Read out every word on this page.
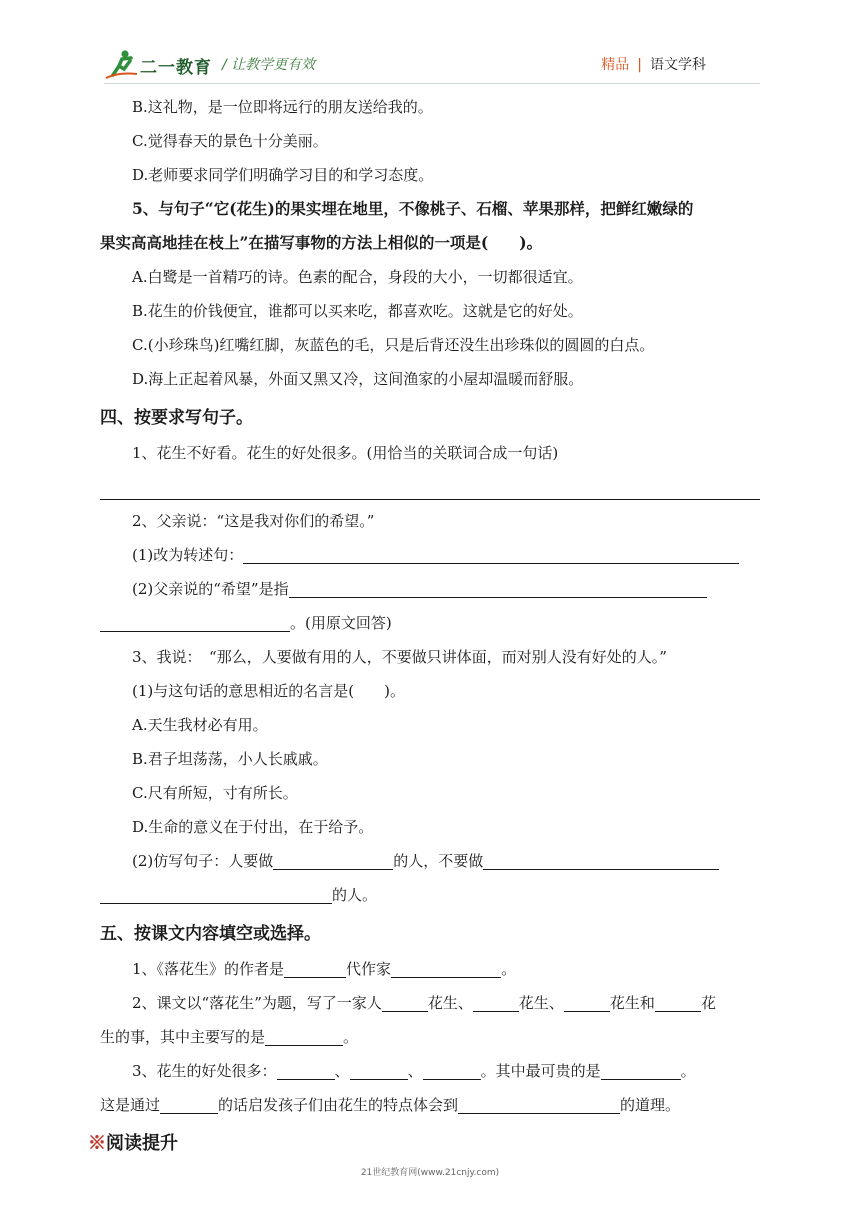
二一教育 / 让教学更有效	精品 | 语文学科
B.这礼物，是一位即将远行的朋友送给我的。
C.觉得春天的景色十分美丽。
D.老师要求同学们明确学习目的和学习态度。
5、与句子“它(花生)的果实埋在地里，不像桃子、石榴、苹果那样，把鲜红嫩绿的
果实高高地挂在枝上”在描写事物的方法上相似的一项是(　　)。
A.白鹭是一首精巧的诗。色素的配合，身段的大小，一切都很适宜。
B.花生的价钱便宜，谁都可以买来吃，都喜欢吃。这就是它的好处。
C.(小珍珠鸟)红嘴红脚，灰蓝色的毛，只是后背还没生出珍珠似的圆圆的白点。
D.海上正起着风暴，外面又黑又冷，这间渔家的小屋却温暖而舒服。
四、按要求写句子。
1、花生不好看。花生的好处很多。(用恰当的关联词合成一句话)
2、父亲说：“这是我对你们的希望。”
(1)改为转述句：
(2)父亲说的“希望”是指
。(用原文回答)
3、我说：　“那么，人要做有用的人，不要做只讲体面，而对别人没有好处的人。”
(1)与这句话的意思相近的名言是(　　)。
A.天生我材必有用。
B.君子坦荡荡，小人长戚戚。
C.尺有所短，寸有所长。
D.生命的意义在于付出，在于给予。
(2)仿写句子：人要做	的人，不要做
的人。
五、按课文内容填空或选择。
1、《落花生》的作者是	代作家	。
2、课文以“落花生”为题，写了一家人	花生、	花生、	花生和	花
生的事，其中主要写的是	。
3、花生的好处很多：	、	、	。其中最可贵的是	。
这是通过	的话启发孩子们由花生的特点体会到	的道理。
※阅读提升
21世纪教育网(www.21cnjy.com)
